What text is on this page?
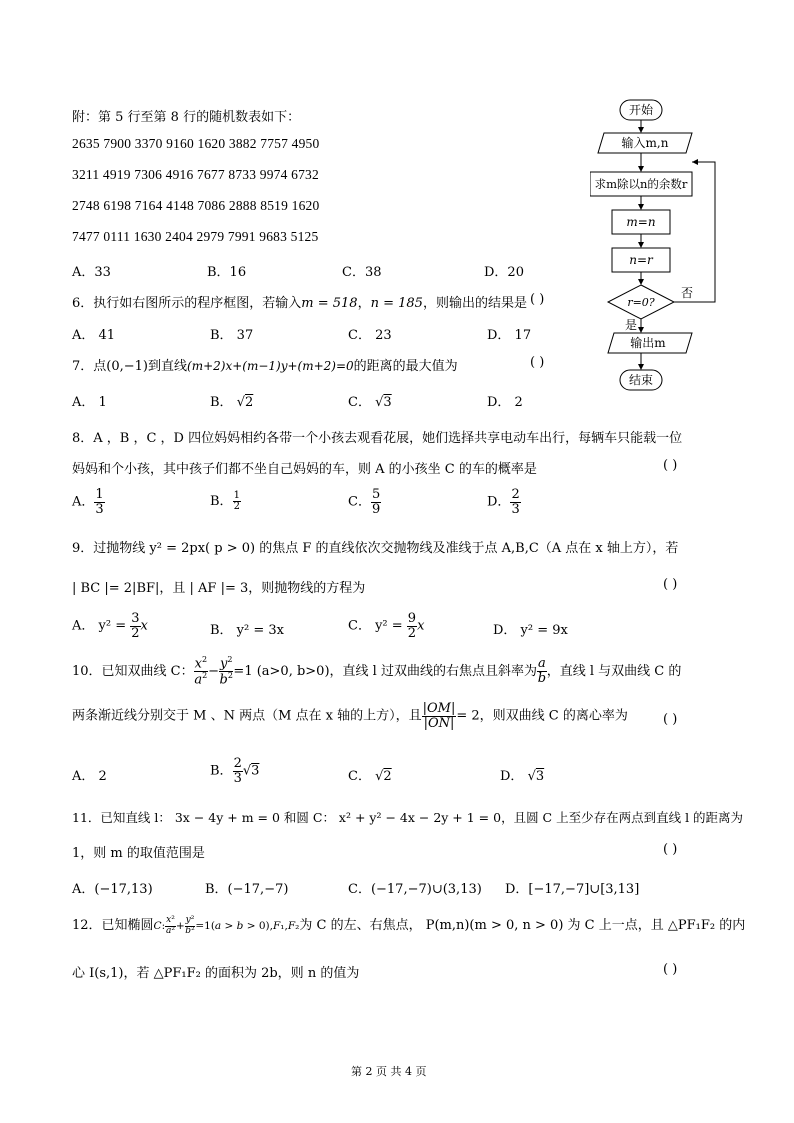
附：第 5 行至第 8 行的随机数表如下：
2635 7900 3370 9160 1620 3882 7757 4950
3211 4919 7306 4916 7677 8733 9974 6732
2748 6198 7164 4148 7086 2888 8519 1620
7477 0111 1630 2404 2979 7991 9683 5125
A．33	B．16	C．38	D．20
开始
输入m,n
求m除以n的余数r
m=n
n=r
r=0?
否
是
输出m
结束
6．执行如右图所示的程序框图，若输入m = 518，n = 185，则输出的结果是 ( )
A． 41	B． 37	C． 23	D． 17
7．点(0,−1)到直线(m+2)x+(m−1)y+(m+2)=0的距离的最大值为	( )
A． 1	B． √2	C． √3	D． 2
8．A ，B ，C ，D 四位妈妈相约各带一个小孩去观看花展，她们选择共享电动车出行，每辆车只能载一位
妈妈和个小孩，其中孩子们都不坐自己妈妈的车，则 A 的小孩坐 C 的车的概率是	( )
A． $\frac{1}{3}$	B． $\frac{1}{2}$	C． $\frac{5}{9}$	D． $\frac{2}{3}$
9．过抛物线 y² = 2px( p > 0) 的焦点 F 的直线依次交抛物线及准线于点 A,B,C（A 点在 x 轴上方），若
| BC |= 2|BF|，且 | AF |= 3，则抛物线的方程为	( )
A． $y^2 = \frac{3}{2}$ x	B． y² = 3x	C． $y^2 = \frac{9}{2}$ x	D． y² = 9x
10．已知双曲线 C： $\frac{x^2}{a^2} - \frac{y^2}{b^2} =1$ (a>0, b>0)，直线 l 过双曲线的右焦点且斜率为 $\frac{a}{b}$ ，直线 l 与双曲线 C 的
两条渐近线分别交于 M 、N 两点（M 点在 x 轴的上方），且 $\frac{|OM|}{|ON|} = 2$，则双曲线 C 的离心率为	( )
A． 2	B． $\frac{2}{3} √3$	C． √2	D． √3
11．已知直线 l： 3x − 4y + m = 0 和圆 C： x² + y² − 4x − 2y + 1 = 0，且圆 C 上至少存在两点到直线 l 的距离为
1，则 m 的取值范围是	( )
A．(−17,13)	B．(−17,−7)	C．(−17,−7)∪(3,13) D．[−17,−7]∪[3,13]
12．已知椭圆C: $\frac{\text{x²}}{\text{a²}} + \frac{\text{y²}}{\text{b²}} =1(a > b > 0),F_1,F_2$为 C 的左、右焦点， P(m,n)(m > 0, n > 0) 为 C 上一点，且 △PF₁F₂ 的内
心 I(s,1)，若 △PF₁F₂ 的面积为 2b，则 n 的值为	( )
第 2 页 共 4 页
